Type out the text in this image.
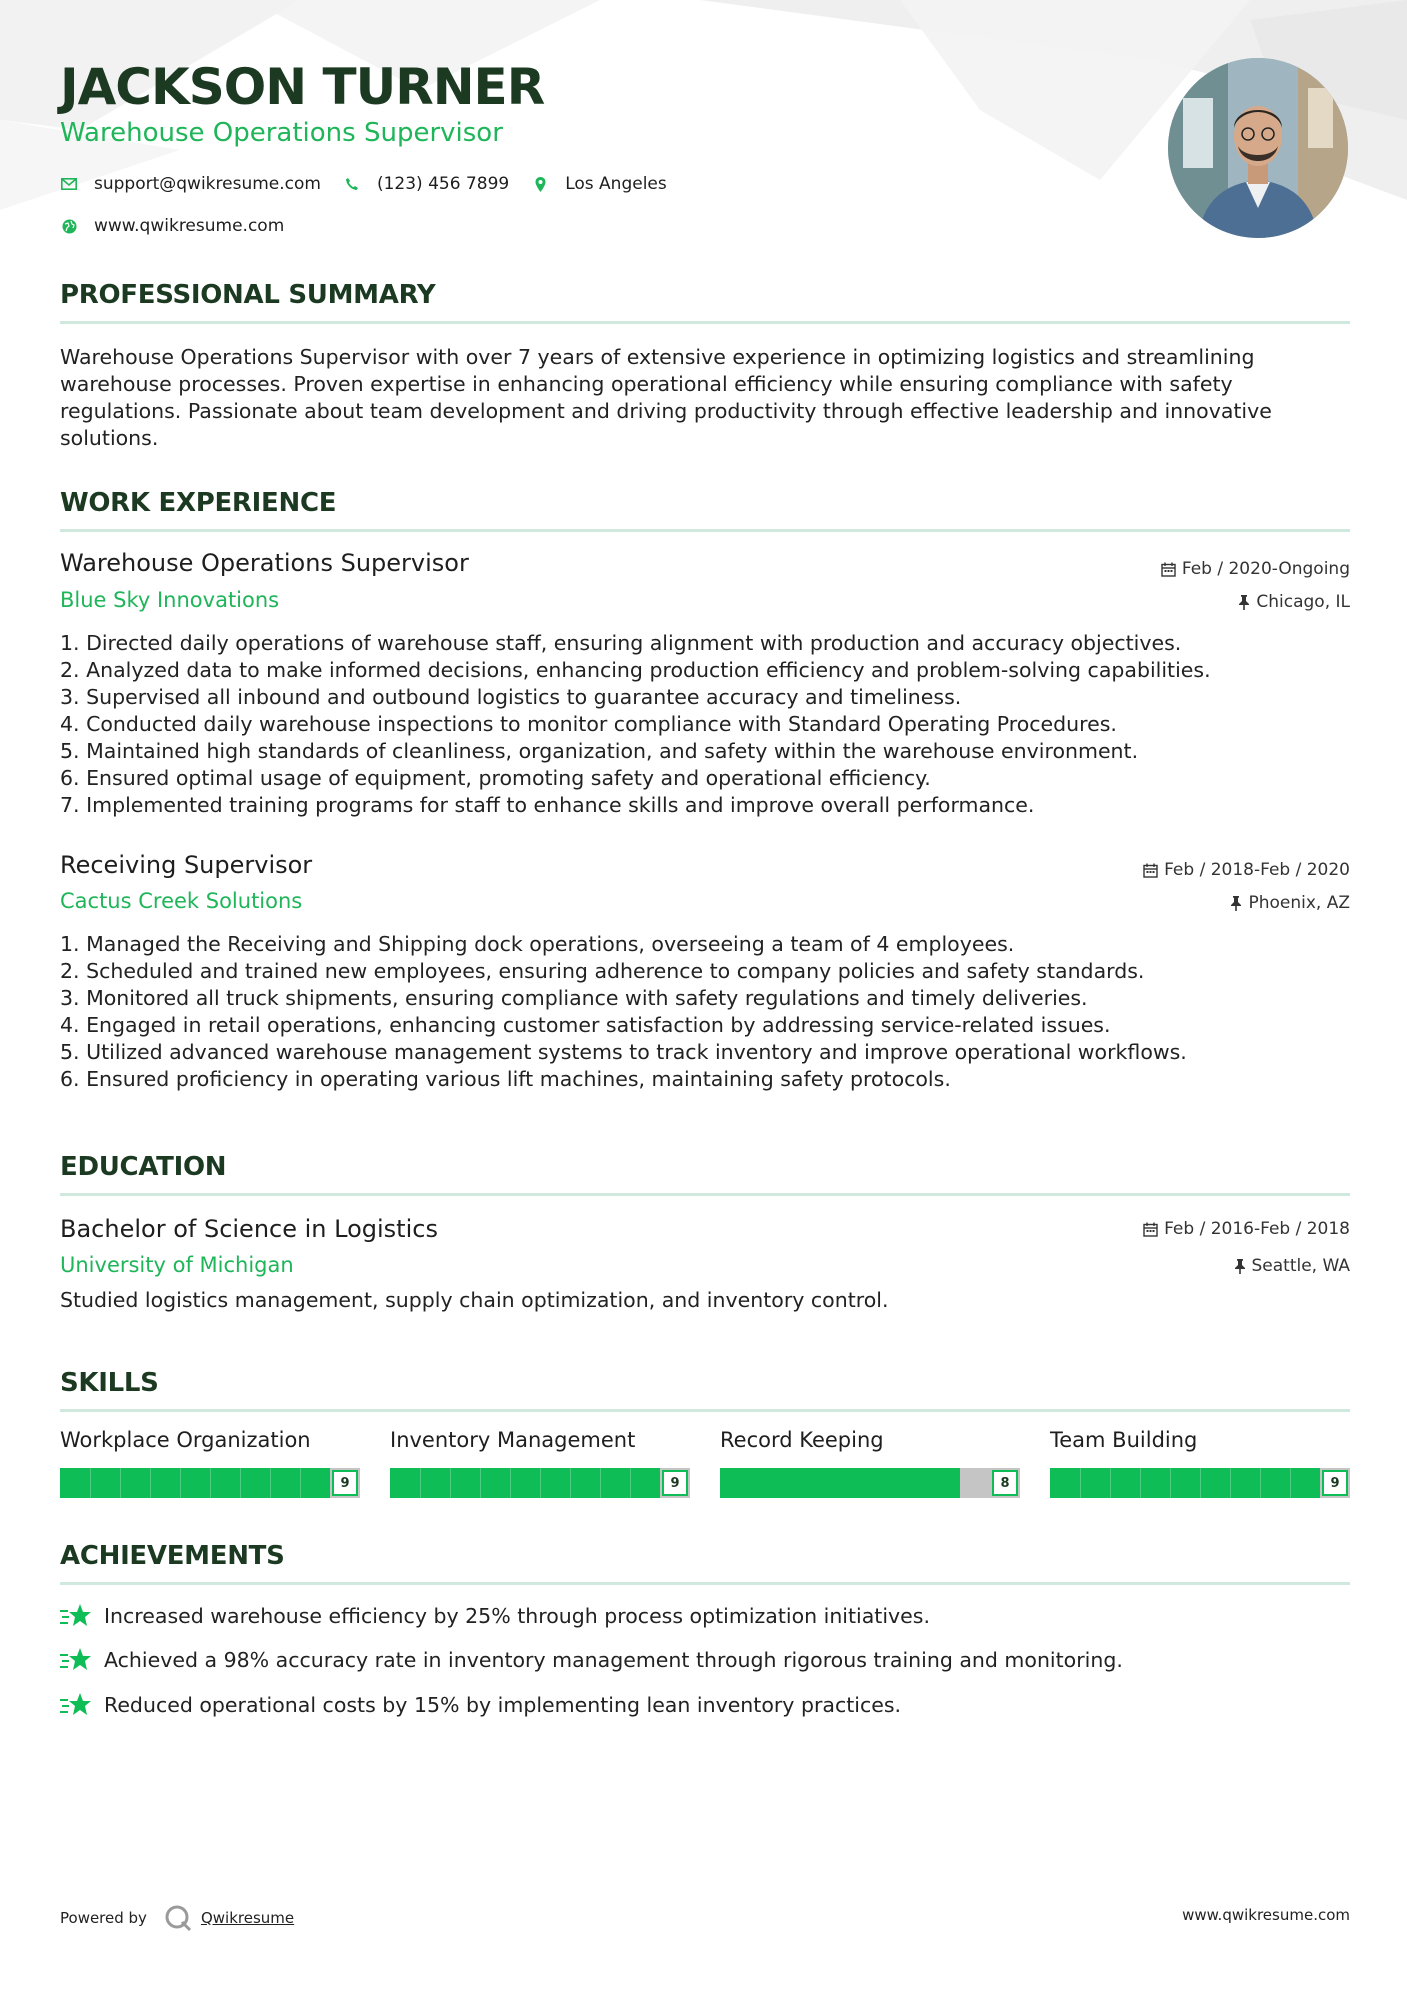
JACKSON TURNER
Warehouse Operations Supervisor
support@qwikresume.com	(123) 456 7899	Los Angeles
www.qwikresume.com
PROFESSIONAL SUMMARY
Warehouse Operations Supervisor with over 7 years of extensive experience in optimizing logistics and streamlining warehouse processes. Proven expertise in enhancing operational efficiency while ensuring compliance with safety regulations. Passionate about team development and driving productivity through effective leadership and innovative solutions.
WORK EXPERIENCE
Warehouse Operations Supervisor	Feb / 2020-Ongoing
Blue Sky Innovations	Chicago, IL
1. Directed daily operations of warehouse staff, ensuring alignment with production and accuracy objectives.
2. Analyzed data to make informed decisions, enhancing production efficiency and problem-solving capabilities.
3. Supervised all inbound and outbound logistics to guarantee accuracy and timeliness.
4. Conducted daily warehouse inspections to monitor compliance with Standard Operating Procedures.
5. Maintained high standards of cleanliness, organization, and safety within the warehouse environment.
6. Ensured optimal usage of equipment, promoting safety and operational efficiency.
7. Implemented training programs for staff to enhance skills and improve overall performance.
Receiving Supervisor	Feb / 2018-Feb / 2020
Cactus Creek Solutions	Phoenix, AZ
1. Managed the Receiving and Shipping dock operations, overseeing a team of 4 employees.
2. Scheduled and trained new employees, ensuring adherence to company policies and safety standards.
3. Monitored all truck shipments, ensuring compliance with safety regulations and timely deliveries.
4. Engaged in retail operations, enhancing customer satisfaction by addressing service-related issues.
5. Utilized advanced warehouse management systems to track inventory and improve operational workflows.
6. Ensured proficiency in operating various lift machines, maintaining safety protocols.
EDUCATION
Bachelor of Science in Logistics	Feb / 2016-Feb / 2018
University of Michigan	Seattle, WA
Studied logistics management, supply chain optimization, and inventory control.
SKILLS
Workplace Organization
9
Inventory Management
9
Record Keeping
8
Team Building
9
ACHIEVEMENTS
Increased warehouse efficiency by 25% through process optimization initiatives.
Achieved a 98% accuracy rate in inventory management through rigorous training and monitoring.
Reduced operational costs by 15% by implementing lean inventory practices.
Powered by	Qwikresume	www.qwikresume.com
